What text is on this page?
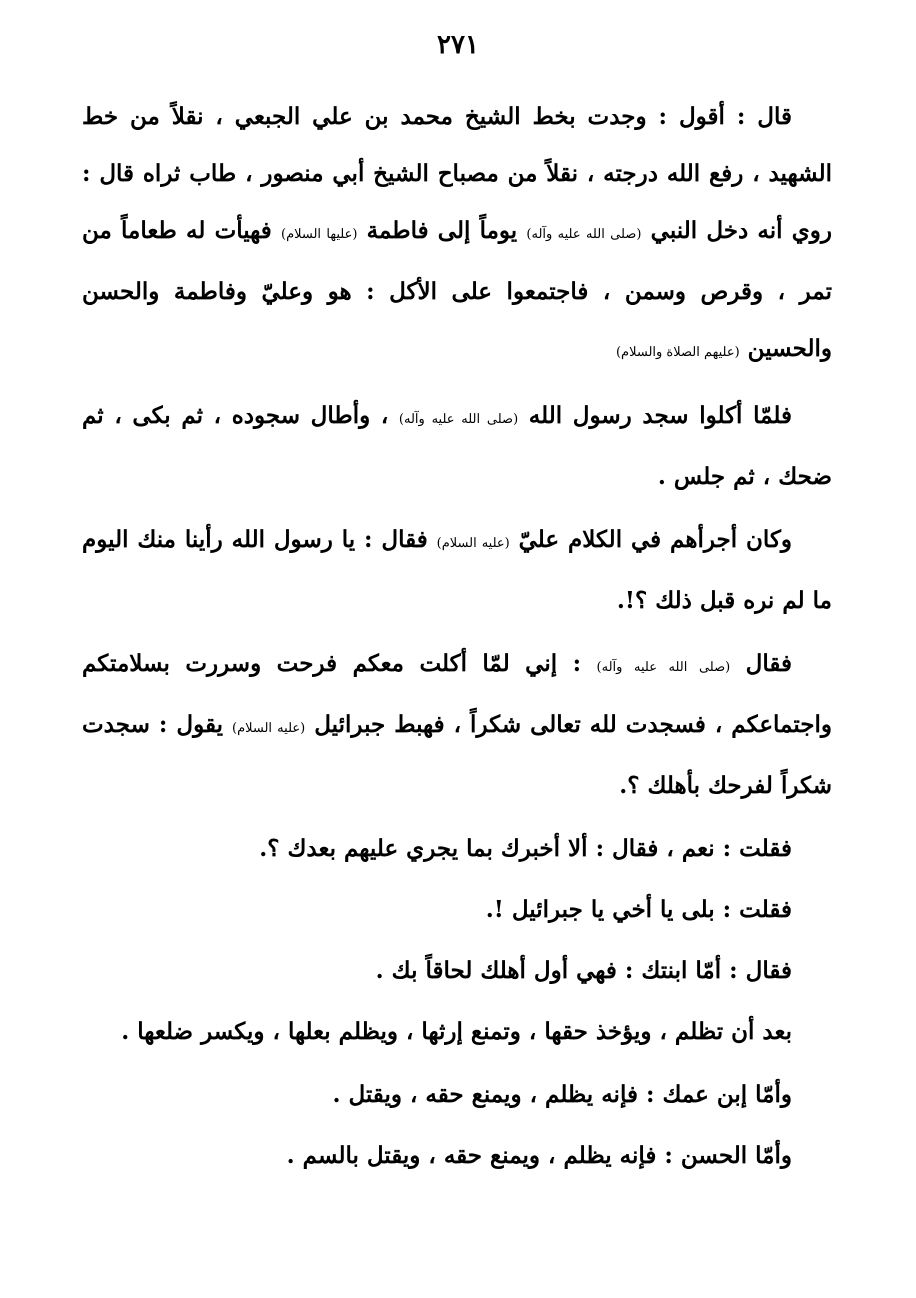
٢٧١

قال : أقول : وجدت بخط الشيخ محمد بن علي الجبعي ، نقلاً من خط الشهيد ، رفع الله درجته ، نقلاً من مصباح الشيخ أبي منصور ، طاب ثراه قال : روي أنه دخل النبي (صلى الله عليه وآله) يوماً إلى فاطمة (عليها السلام) فهيأت له طعاماً من تمر ، وقرص وسمن ، فاجتمعوا على الأكل : هو وعليّ وفاطمة والحسن والحسين (عليهم الصلاة والسلام)

فلمّا أكلوا سجد رسول الله (صلى الله عليه وآله) ، وأطال سجوده ، ثم بكى ، ثم ضحك ، ثم جلس .

وكان أجرأهم في الكلام عليّ (عليه السلام) فقال : يا رسول الله رأينا منك اليوم ما لم نره قبل ذلك ؟!.

فقال (صلى الله عليه وآله) : إني لمّا أكلت معكم فرحت وسررت بسلامتكم واجتماعكم ، فسجدت لله تعالى شكراً ، فهبط جبرائيل (عليه السلام) يقول : سجدت شكراً لفرحك بأهلك ؟.

فقلت : نعم ، فقال : ألا أخبرك بما يجري عليهم بعدك ؟.

فقلت : بلى يا أخي يا جبرائيل !.

فقال : أمّا ابنتك : فهي أول أهلك لحاقاً بك .

بعد أن تظلم ، ويؤخذ حقها ، وتمنع إرثها ، ويظلم بعلها ، ويكسر ضلعها .

وأمّا إبن عمك : فإنه يظلم ، ويمنع حقه ، ويقتل .

وأمّا الحسن : فإنه يظلم ، ويمنع حقه ، ويقتل بالسم .
